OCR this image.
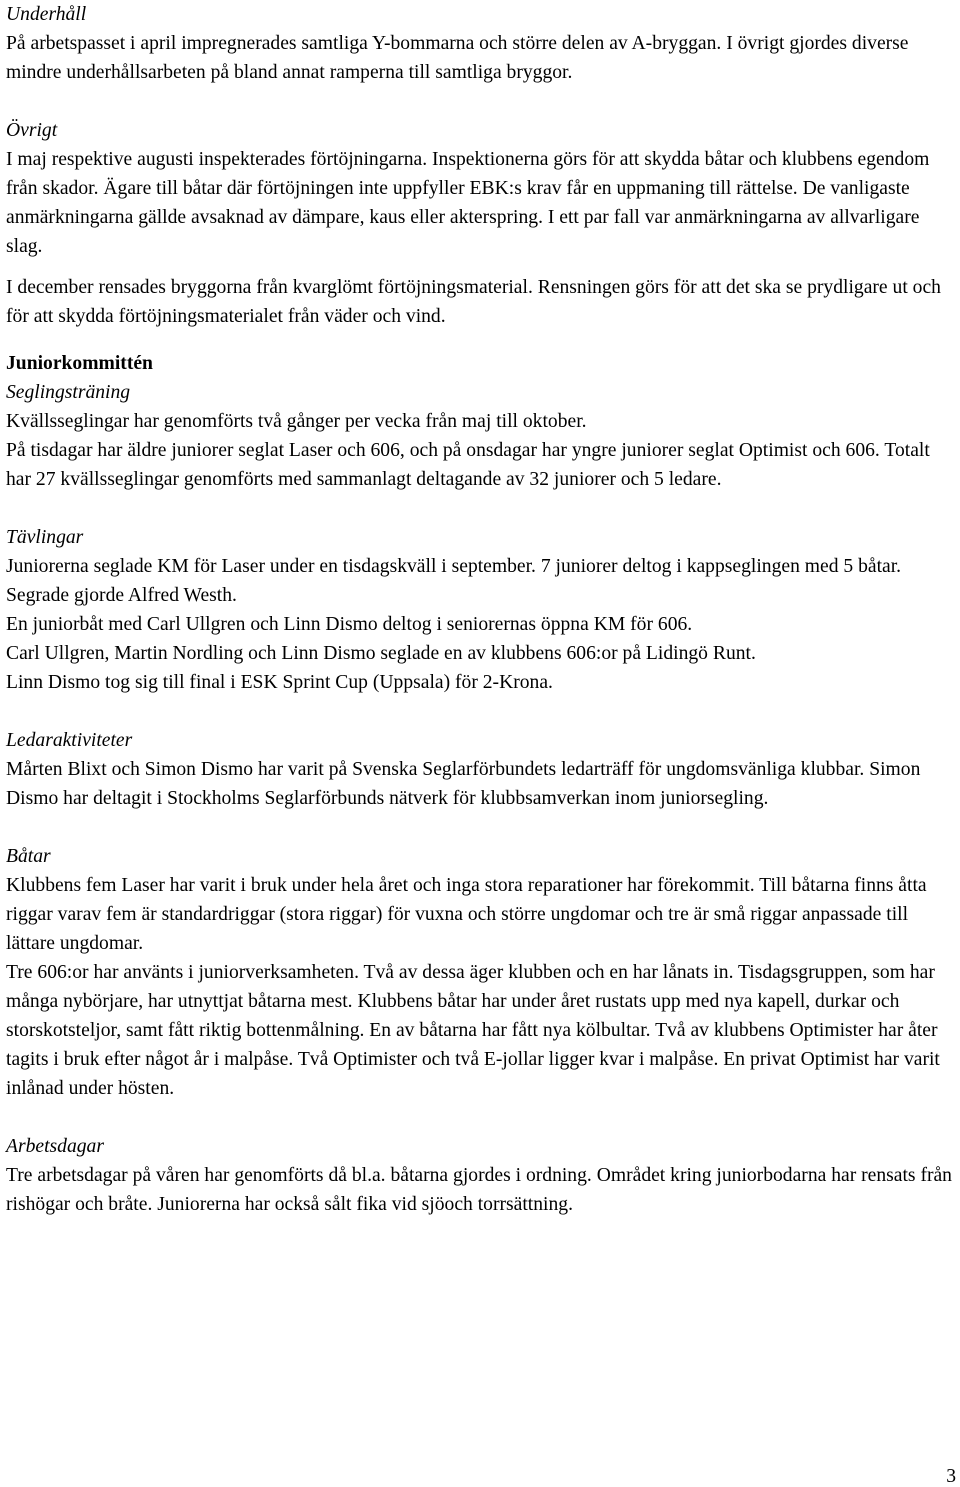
Underhåll
På arbetspasset i april impregnerades samtliga Y-bommarna och större delen av A-bryggan. I övrigt gjordes diverse mindre underhållsarbeten på bland annat ramperna till samtliga bryggor.
Övrigt
I maj respektive augusti inspekterades förtöjningarna. Inspektionerna görs för att skydda båtar och klubbens egendom från skador. Ägare till båtar där förtöjningen inte uppfyller EBK:s krav får en uppmaning till rättelse. De vanligaste anmärkningarna gällde avsaknad av dämpare, kaus eller akterspring. I ett par fall var anmärkningarna av allvarligare slag.
I december rensades bryggorna från kvarglömt förtöjningsmaterial. Rensningen görs för att det ska se prydligare ut och för att skydda förtöjningsmaterialet från väder och vind.
Juniorkommittén
Seglingsträning
Kvällsseglingar har genomförts två gånger per vecka från maj till oktober.
På tisdagar har äldre juniorer seglat Laser och 606, och på onsdagar har yngre juniorer seglat Optimist och 606. Totalt har 27 kvällsseglingar genomförts med sammanlagt deltagande av 32 juniorer och 5 ledare.
Tävlingar
Juniorerna seglade KM för Laser under en tisdagskväll i september. 7 juniorer deltog i kappseglingen med 5 båtar. Segrade gjorde Alfred Westh.
En juniorbåt med Carl Ullgren och Linn Dismo deltog i seniorernas öppna KM för 606.
Carl Ullgren, Martin Nordling och Linn Dismo seglade en av klubbens 606:or på Lidingö Runt.
Linn Dismo tog sig till final i ESK Sprint Cup (Uppsala) för 2-Krona.
Ledaraktiviteter
Mårten Blixt och Simon Dismo har varit på Svenska Seglarförbundets ledarträff för ungdomsvänliga klubbar. Simon Dismo har deltagit i Stockholms Seglarförbunds nätverk för klubbsamverkan inom juniorsegling.
Båtar
Klubbens fem Laser har varit i bruk under hela året och inga stora reparationer har förekommit. Till båtarna finns åtta riggar varav fem är standardriggar (stora riggar) för vuxna och större ungdomar och tre är små riggar anpassade till lättare ungdomar.
Tre 606:or har använts i juniorverksamheten. Två av dessa äger klubben och en har lånats in. Tisdagsgruppen, som har många nybörjare, har utnyttjat båtarna mest. Klubbens båtar har under året rustats upp med nya kapell, durkar och storskotsteljor, samt fått riktig bottenmålning. En av båtarna har fått nya kölbultar. Två av klubbens Optimister har åter tagits i bruk efter något år i malpåse. Två Optimister och två E-jollar ligger kvar i malpåse. En privat Optimist har varit inlånad under hösten.
Arbetsdagar
Tre arbetsdagar på våren har genomförts då bl.a. båtarna gjordes i ordning. Området kring juniorbodarna har rensats från rishögar och bråte. Juniorerna har också sålt fika vid sjöoch torrsättning.
3
